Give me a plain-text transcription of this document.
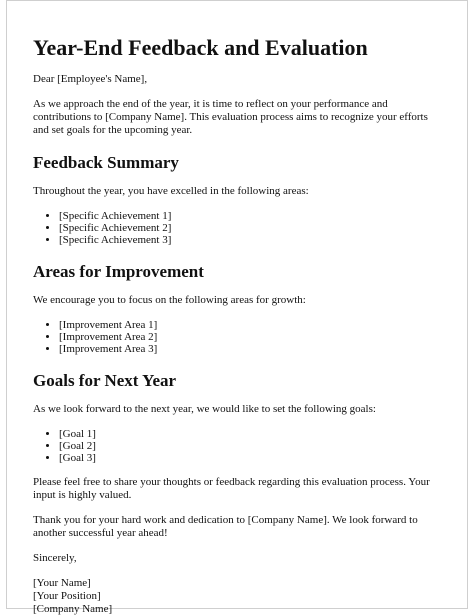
Year-End Feedback and Evaluation

Dear [Employee's Name],

As we approach the end of the year, it is time to reflect on your performance and contributions to [Company Name]. This evaluation process aims to recognize your efforts and set goals for the upcoming year.

Feedback Summary

Throughout the year, you have excelled in the following areas:

• [Specific Achievement 1]
• [Specific Achievement 2]
• [Specific Achievement 3]
Areas for Improvement

We encourage you to focus on the following areas for growth:

• [Improvement Area 1]
• [Improvement Area 2]
• [Improvement Area 3]
Goals for Next Year

As we look forward to the next year, we would like to set the following goals:

• [Goal 1]
• [Goal 2]
• [Goal 3]

Please feel free to share your thoughts or feedback regarding this evaluation process. Your input is highly valued.

Thank you for your hard work and dedication to [Company Name]. We look forward to another successful year ahead!

Sincerely,

[Your Name]

[Your Position]

[Company Name]
